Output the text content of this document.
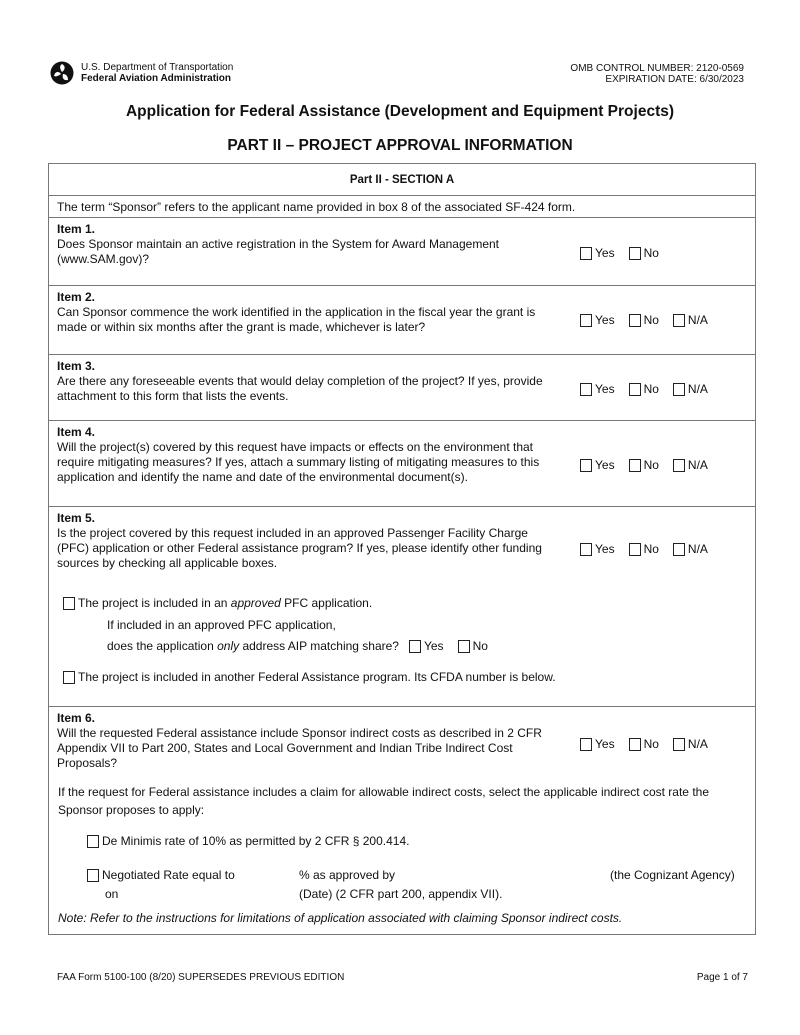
U.S. Department of Transportation
Federal Aviation Administration
OMB CONTROL NUMBER: 2120-0569
EXPIRATION DATE: 6/30/2023
Application for Federal Assistance (Development and Equipment Projects)
PART II – PROJECT APPROVAL INFORMATION
Part II - SECTION A
The term “Sponsor” refers to the applicant name provided in box 8 of the associated SF-424 form.
Item 1.
Does Sponsor maintain an active registration in the System for Award Management (www.SAM.gov)?	Yes No
Item 2.
Can Sponsor commence the work identified in the application in the fiscal year the grant is made or within six months after the grant is made, whichever is later?	Yes No N/A
Item 3.
Are there any foreseeable events that would delay completion of the project? If yes, provide attachment to this form that lists the events.	Yes No N/A
Item 4.
Will the project(s) covered by this request have impacts or effects on the environment that require mitigating measures? If yes, attach a summary listing of mitigating measures to this application and identify the name and date of the environmental document(s).
Yes No N/A
Item 5.
Is the project covered by this request included in an approved Passenger Facility Charge (PFC) application or other Federal assistance program? If yes, please identify other funding sources by checking all applicable boxes.
Yes No N/A
The project is included in an approved PFC application.
If included in an approved PFC application,
does the application only address AIP matching share? Yes No
The project is included in another Federal Assistance program. Its CFDA number is below.
Item 6.
Will the requested Federal assistance include Sponsor indirect costs as described in 2 CFR Appendix VII to Part 200, States and Local Government and Indian Tribe Indirect Cost Proposals?
Yes No N/A
If the request for Federal assistance includes a claim for allowable indirect costs, select the applicable indirect cost rate the Sponsor proposes to apply:
De Minimis rate of 10% as permitted by 2 CFR § 200.414.
Negotiated Rate equal to	% as approved by	(the Cognizant Agency)
on	(Date) (2 CFR part 200, appendix VII).
Note: Refer to the instructions for limitations of application associated with claiming Sponsor indirect costs.
FAA Form 5100-100 (8/20) SUPERSEDES PREVIOUS EDITION	Page 1 of 7
